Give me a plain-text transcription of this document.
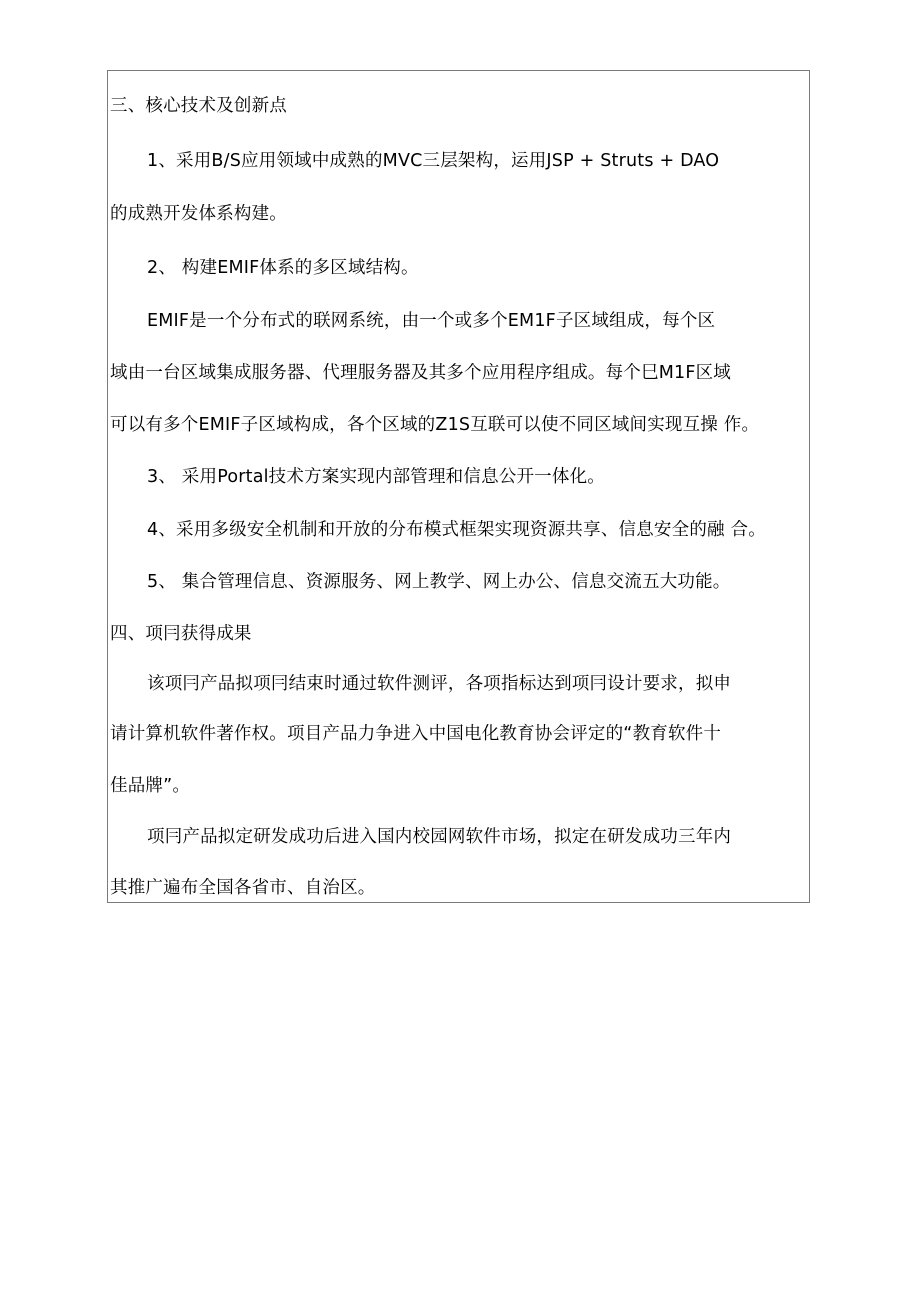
三、核心技术及创新点
1、采用B/S应用领域中成熟的MVC三层架构，运用JSP + Struts + DAO
的成熟开发体系构建。
2、 构建EMIF体系的多区域结构。
EMIF是一个分布式的联网系统，由一个或多个EM1F子区域组成，每个区
域由一台区域集成服务器、代理服务器及其多个应用程序组成。每个巳M1F区域
可以有多个EMIF子区域构成，各个区域的Z1S互联可以使不同区域间实现互操 作。
3、 采用Portal技术方案实现内部管理和信息公开一体化。
4、采用多级安全机制和开放的分布模式框架实现资源共享、信息安全的融 合。
5、 集合管理信息、资源服务、网上教学、网上办公、信息交流五大功能。
四、项冃获得成果
该项冃产品拟项冃结束时通过软件测评，各项指标达到项冃设计要求，拟申
请计算机软件著作权。项目产品力争进入中国电化教育协会评定的“教育软件十
佳品牌”。
项冃产品拟定研发成功后进入国内校园网软件市场，拟定在研发成功三年内
其推广遍布全国各省市、自治区。
